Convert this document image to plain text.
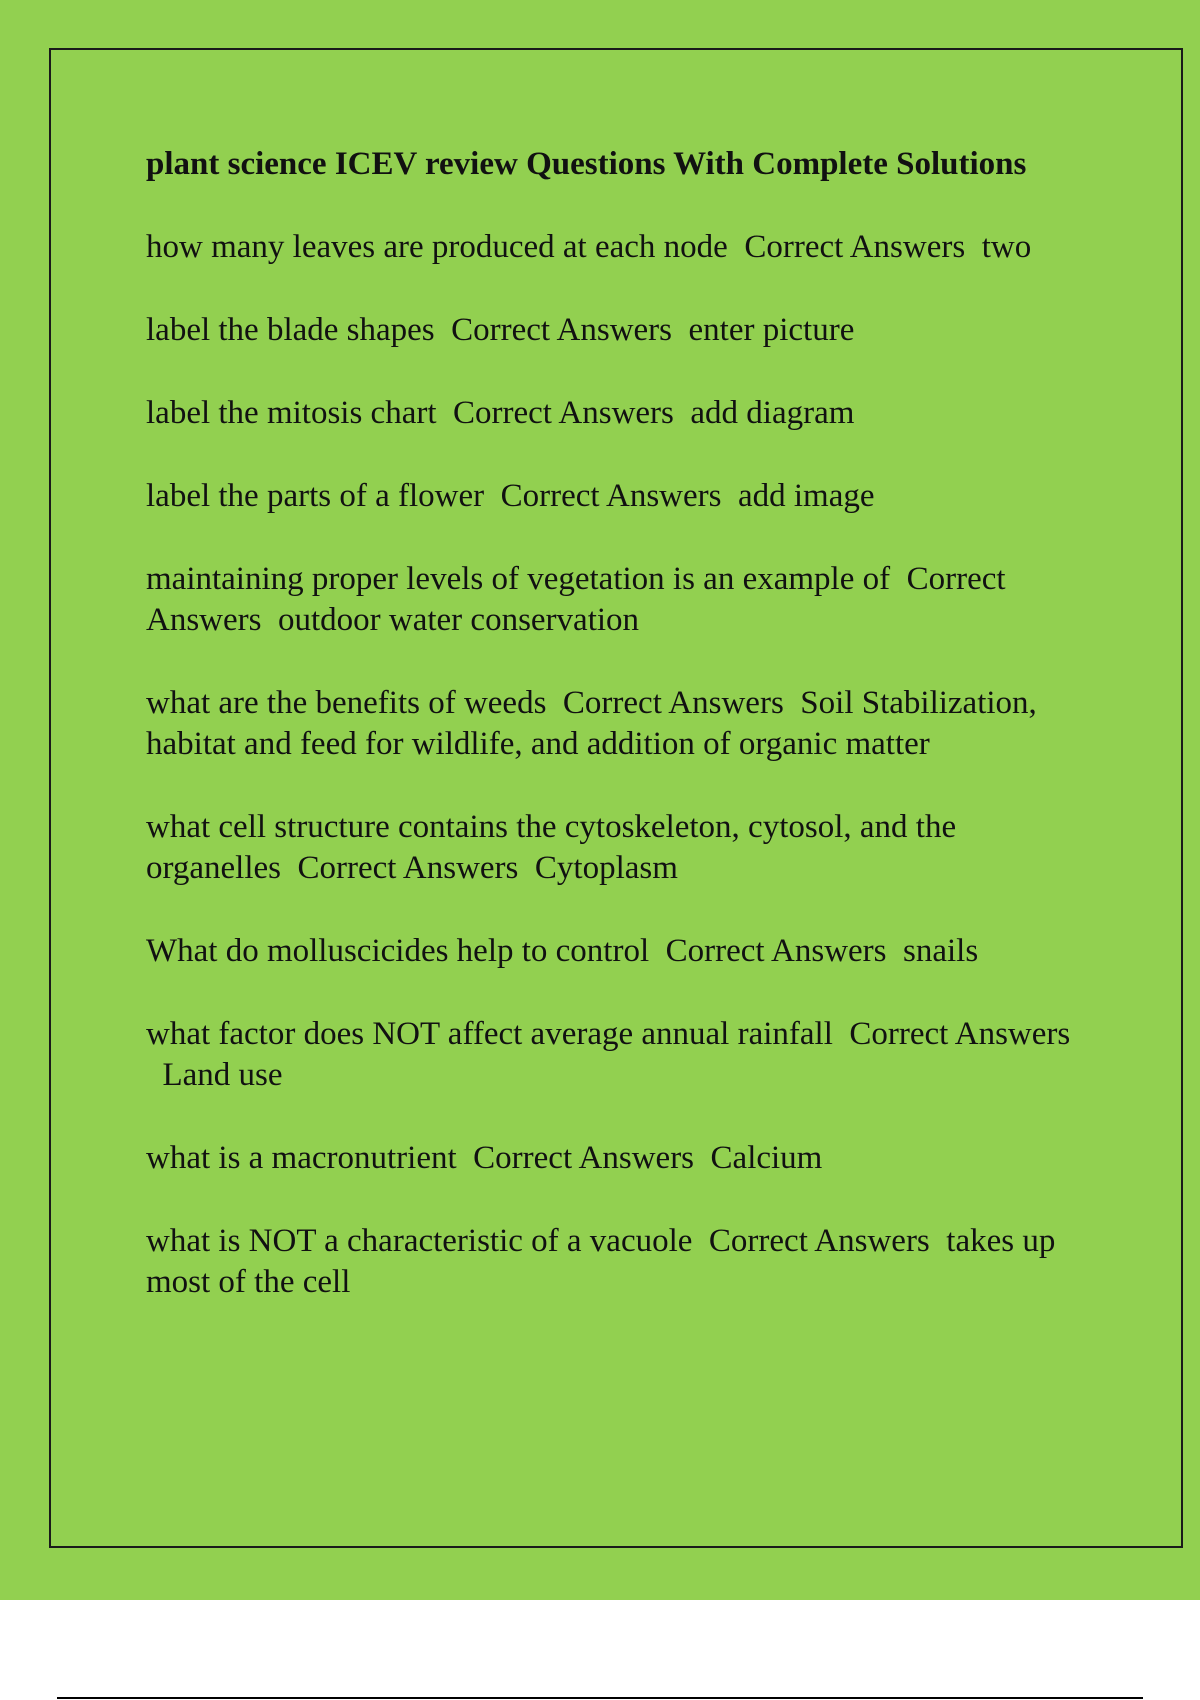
plant science ICEV review Questions With Complete Solutions
how many leaves are produced at each node Correct Answers two
label the blade shapes Correct Answers enter picture
label the mitosis chart Correct Answers add diagram
label the parts of a flower Correct Answers add image
maintaining proper levels of vegetation is an example of Correct Answers outdoor water conservation
what are the benefits of weeds Correct Answers Soil Stabilization, habitat and feed for wildlife, and addition of organic matter
what cell structure contains the cytoskeleton, cytosol, and the organelles Correct Answers Cytoplasm
What do molluscicides help to control Correct Answers snails
what factor does NOT affect average annual rainfall Correct Answers  Land use
what is a macronutrient Correct Answers Calcium
what is NOT a characteristic of a vacuole Correct Answers takes up most of the cell
